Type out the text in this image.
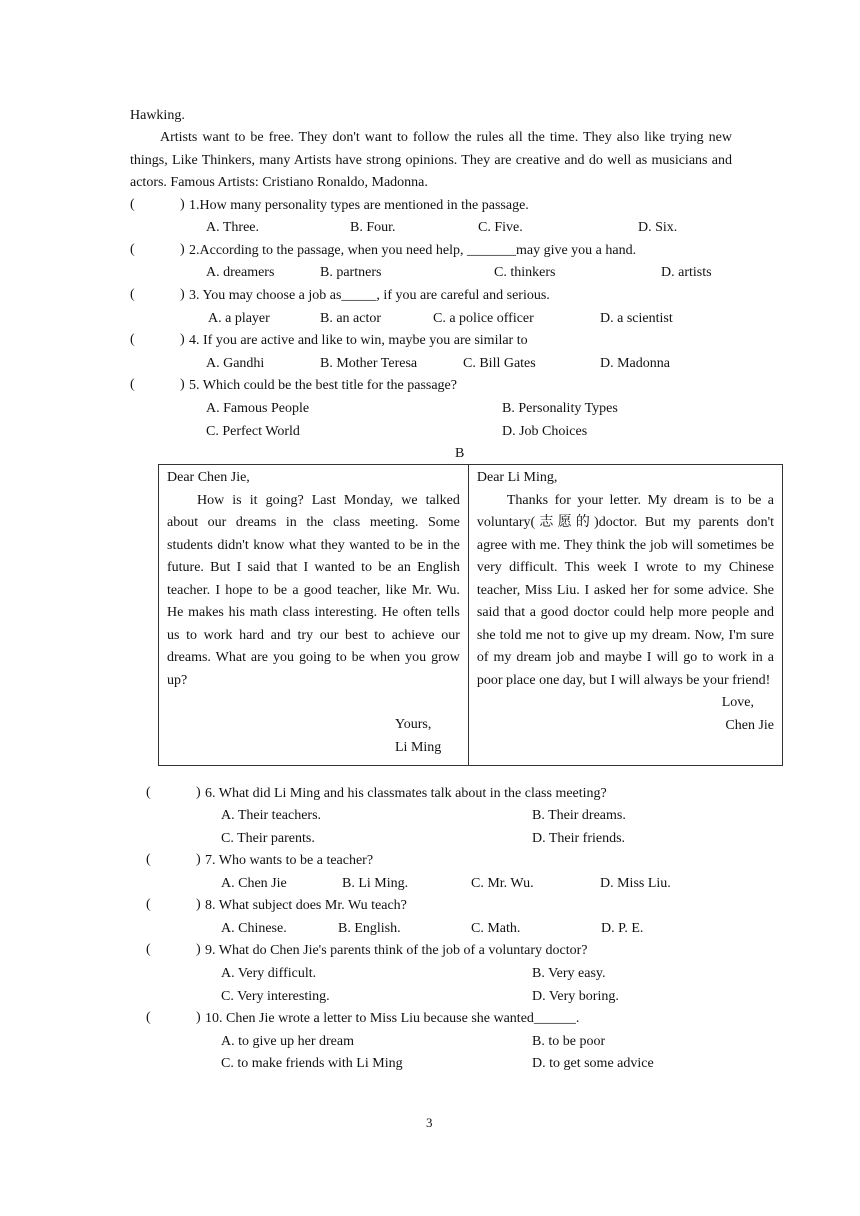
Hawking.
Artists want to be free. They don't want to follow the rules all the time. They also like trying new things, Like Thinkers, many Artists have strong opinions. They are creative and do well as musicians and actors. Famous Artists: Cristiano Ronaldo, Madonna.
(	) 1.How many personality types are mentioned in the passage.
A. Three.	B. Four.	C. Five.	D. Six.
(	) 2.According to the passage, when you need help, _______may give you a hand.
A. dreamers	B. partners	C. thinkers	D. artists
(	) 3. You may choose a job as_____, if you are careful and serious.
A. a player	B. an actor	C. a police officer	D. a scientist
(	) 4. If you are active and like to win, maybe you are similar to
A. Gandhi	B. Mother Teresa	C. Bill Gates	D. Madonna
(	) 5. Which could be the best title for the passage?
A. Famous People	B. Personality Types
C. Perfect World	D. Job Choices
B
Dear Chen Jie,
How is it going? Last Monday, we talked about our dreams in the class meeting. Some students didn't know what they wanted to be in the future. But I said that I wanted to be an English teacher. I hope to be a good teacher, like Mr. Wu. He makes his math class interesting. He often tells us to work hard and try our best to achieve our dreams. What are you going to be when you grow up?
Yours,
Li Ming

Dear Li Ming,
Thanks for your letter. My dream is to be a voluntary(志愿的)doctor. But my parents don't agree with me. They think the job will sometimes be very difficult. This week I wrote to my Chinese teacher, Miss Liu. I asked her for some advice. She said that a good doctor could help more people and she told me not to give up my dream. Now, I'm sure of my dream job and maybe I will go to work in a poor place one day, but I will always be your friend!
Love,
Chen Jie
(	) 6. What did Li Ming and his classmates talk about in the class meeting?
A. Their teachers.	B. Their dreams.
C. Their parents.	D. Their friends.
(	) 7. Who wants to be a teacher?
A. Chen Jie	B. Li Ming.	C. Mr. Wu.	D. Miss Liu.
(	) 8. What subject does Mr. Wu teach?
A. Chinese.	B. English.	C. Math.	D. P. E.
(	) 9. What do Chen Jie's parents think of the job of a voluntary doctor?
A. Very difficult.	B. Very easy.
C. Very interesting.	D. Very boring.
(	) 10. Chen Jie wrote a letter to Miss Liu because she wanted______.
A. to give up her dream	B. to be poor
C. to make friends with Li Ming	D. to get some advice
3
